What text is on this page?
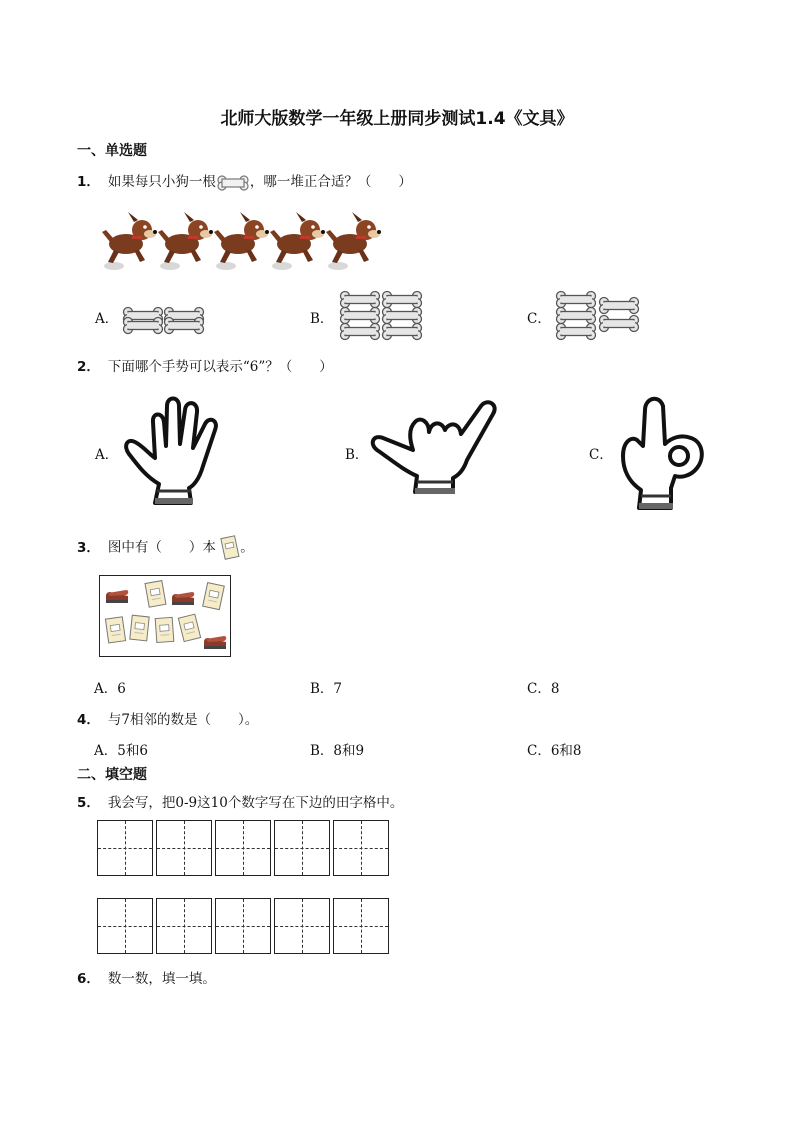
北师大版数学一年级上册同步测试1.4《文具》
一、单选题
1． 如果每只小狗一根	，哪一堆正合适？（　　）
A．	B．	C．
2． 下面哪个手势可以表示“6”？（　　）
A．	B．	C．
3． 图中有（　　）本 。
A．6	B．7	C．8
4． 与7相邻的数是（　　）。
A．5和6	B．8和9	C．6和8
二、填空题
5． 我会写，把0-9这10个数字写在下边的田字格中。
6． 数一数，填一填。
